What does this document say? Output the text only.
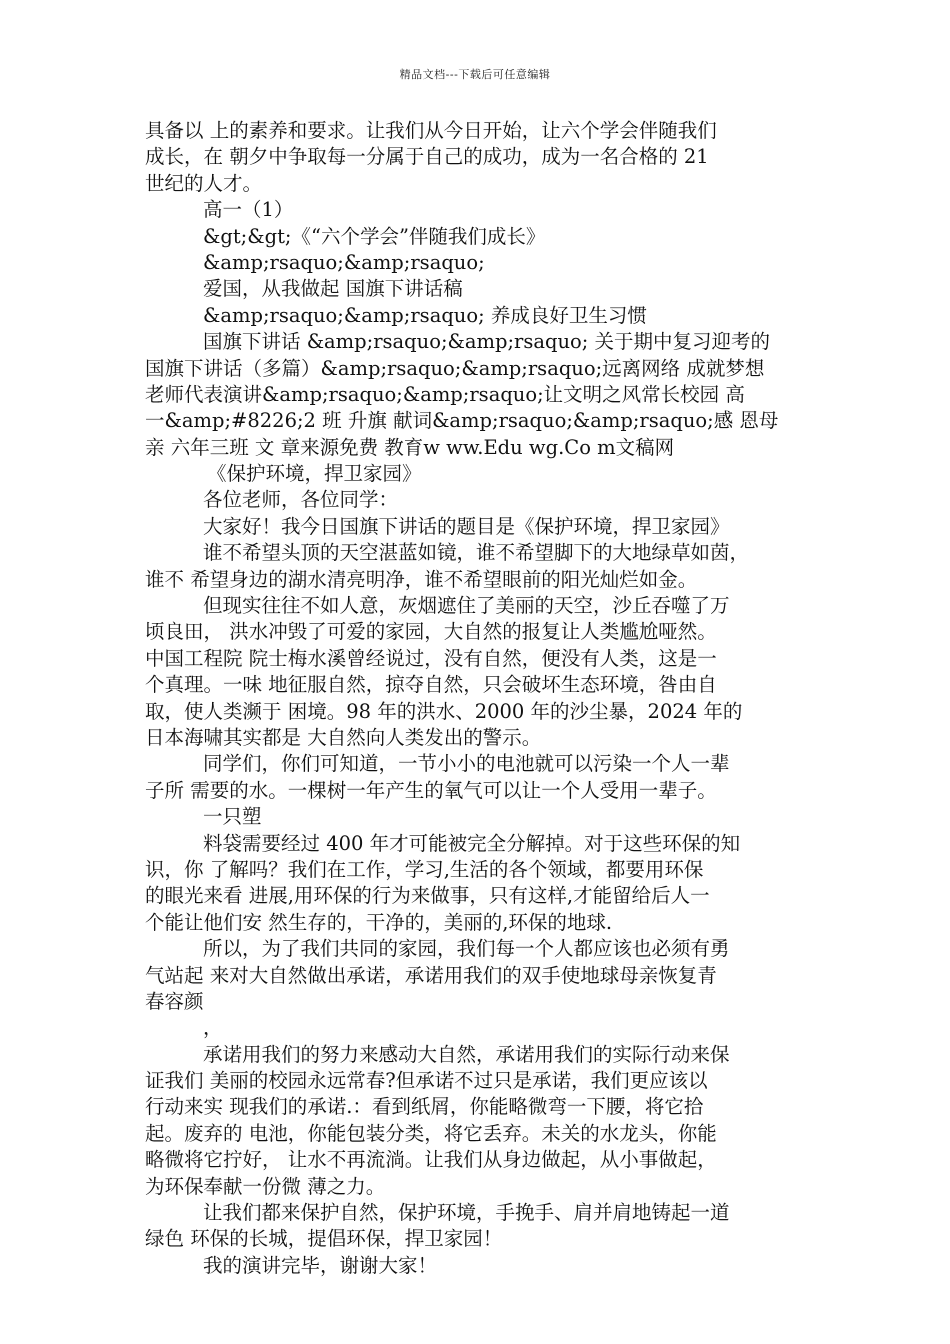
精品文档---下载后可任意编辑
具备以 上的素养和要求。让我们从今日开始，让六个学会伴随我们
成长，在 朝夕中争取每一分属于自己的成功，成为一名合格的 21
世纪的人才。
高一（1）
&gt;&gt;《“六个学会”伴随我们成长》
&amp;rsaquo;&amp;rsaquo;
爱国，从我做起 国旗下讲话稿
&amp;rsaquo;&amp;rsaquo; 养成良好卫生习惯
国旗下讲话 &amp;rsaquo;&amp;rsaquo; 关于期中复习迎考的
国旗下讲话（多篇）&amp;rsaquo;&amp;rsaquo;远离网络 成就梦想
老师代表演讲&amp;rsaquo;&amp;rsaquo;让文明之风常长校园 高
一&amp;#8226;2 班 升旗 献词&amp;rsaquo;&amp;rsaquo;感 恩母
亲 六年三班 文 章来源免费 教育w ww.Edu wg.Co m文稿网
《保护环境，捍卫家园》
各位老师，各位同学：
大家好！我今日国旗下讲话的题目是《保护环境，捍卫家园》
谁不希望头顶的天空湛蓝如镜，谁不希望脚下的大地绿草如茵，
谁不 希望身边的湖水清亮明净，谁不希望眼前的阳光灿烂如金。
但现实往往不如人意，灰烟遮住了美丽的天空，沙丘吞噬了万
顷良田， 洪水冲毁了可爱的家园，大自然的报复让人类尴尬哑然。
中国工程院 院士梅水溪曾经说过，没有自然，便没有人类，这是一
个真理。一味 地征服自然，掠夺自然，只会破坏生态环境，咎由自
取，使人类濒于 困境。98 年的洪水、2000 年的沙尘暴，2024 年的
日本海啸其实都是 大自然向人类发出的警示。
同学们，你们可知道，一节小小的电池就可以污染一个人一辈
子所 需要的水。一棵树一年产生的氧气可以让一个人受用一辈子。
一只塑
料袋需要经过 400 年才可能被完全分解掉。对于这些环保的知
识，你 了解吗？我们在工作，学习,生活的各个领域，都要用环保
的眼光来看 进展,用环保的行为来做事，只有这样,才能留给后人一
个能让他们安 然生存的，干净的，美丽的,环保的地球.
所以，为了我们共同的家园，我们每一个人都应该也必须有勇
气站起 来对大自然做出承诺，承诺用我们的双手使地球母亲恢复青
春容颜
，
承诺用我们的努力来感动大自然，承诺用我们的实际行动来保
证我们 美丽的校园永远常春?但承诺不过只是承诺，我们更应该以
行动来实 现我们的承诺.：看到纸屑，你能略微弯一下腰，将它拾
起。废弃的 电池，你能包装分类，将它丢弃。未关的水龙头，你能
略微将它拧好， 让水不再流淌。让我们从身边做起，从小事做起，
为环保奉献一份微 薄之力。
让我们都来保护自然，保护环境，手挽手、肩并肩地铸起一道
绿色 环保的长城，提倡环保，捍卫家园！
我的演讲完毕，谢谢大家！
